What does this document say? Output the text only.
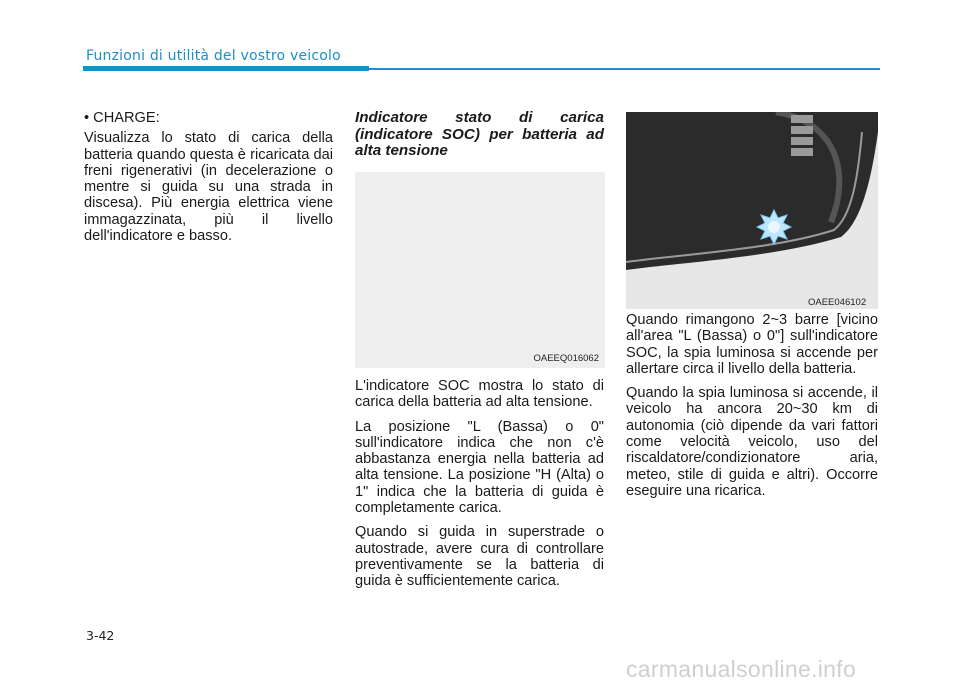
Funzioni di utilità del vostro veicolo

• CHARGE:

Visualizza lo stato di carica della batteria quando questa è ricaricata dai freni rigenerativi (in decelerazione o mentre si guida su una strada in discesa). Più energia elettrica viene immagazzinata, più il livello dell'indicatore e basso.

Indicatore stato di carica (indicatore SOC) per batteria ad alta tensione

OAEEQ016062

L'indicatore SOC mostra lo stato di carica della batteria ad alta tensione.

La posizione "L (Bassa) o 0" sull'indicatore indica che non c'è abbastanza energia nella batteria ad alta tensione. La posizione "H (Alta) o 1" indica che la batteria di guida è completamente carica.

Quando si guida in superstrade o autostrade, avere cura di controllare preventivamente se la batteria di guida è sufficientemente carica.

OAEE046102

Quando rimangono 2~3 barre [vicino all'area "L (Bassa) o 0"] sull'indicatore SOC, la spia luminosa si accende per allertare circa il livello della batteria.

Quando la spia luminosa si accende, il veicolo ha ancora 20~30 km di autonomia (ciò dipende da vari fattori come velocità veicolo, uso del riscaldatore/condizionatore aria, meteo, stile di guida e altri). Occorre eseguire una ricarica.

3-42
carmanualsonline.info
